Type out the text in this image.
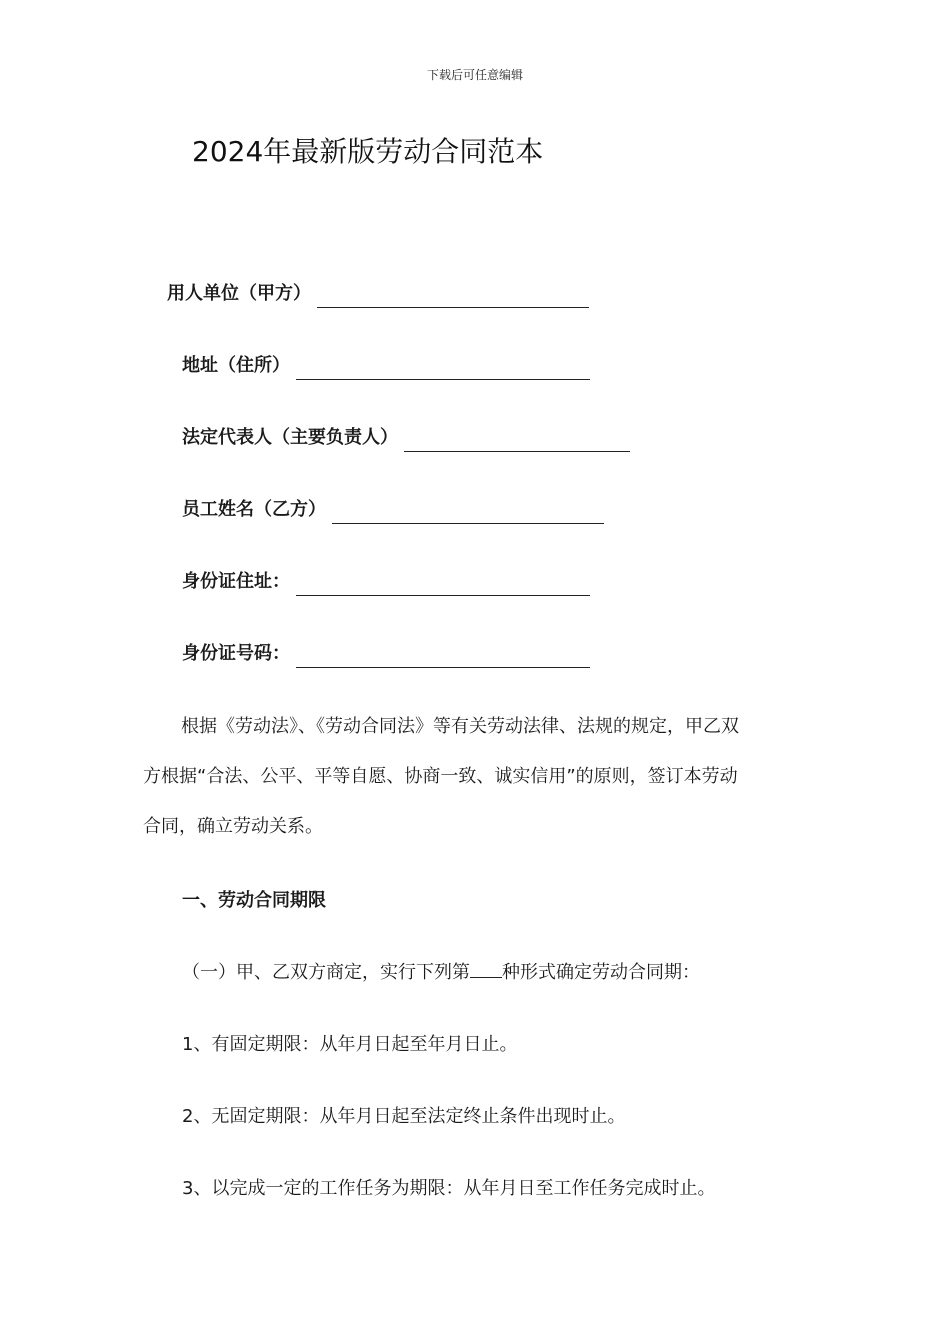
下载后可任意编辑
2024年最新版劳动合同范本
用人单位（甲方）
地址（住所）
法定代表人（主要负责人）
员工姓名（乙方）
身份证住址：
身份证号码：
根据《劳动法》、《劳动合同法》等有关劳动法律、法规的规定，甲乙双
方根据“合法、公平、平等自愿、协商一致、诚实信用”的原则，签订本劳动
合同，确立劳动关系。
一、劳动合同期限
（一）甲、乙双方商定，实行下列第 种形式确定劳动合同期：
1、有固定期限：从年月日起至年月日止。
2、无固定期限：从年月日起至法定终止条件出现时止。
3、以完成一定的工作任务为期限：从年月日至工作任务完成时止。
